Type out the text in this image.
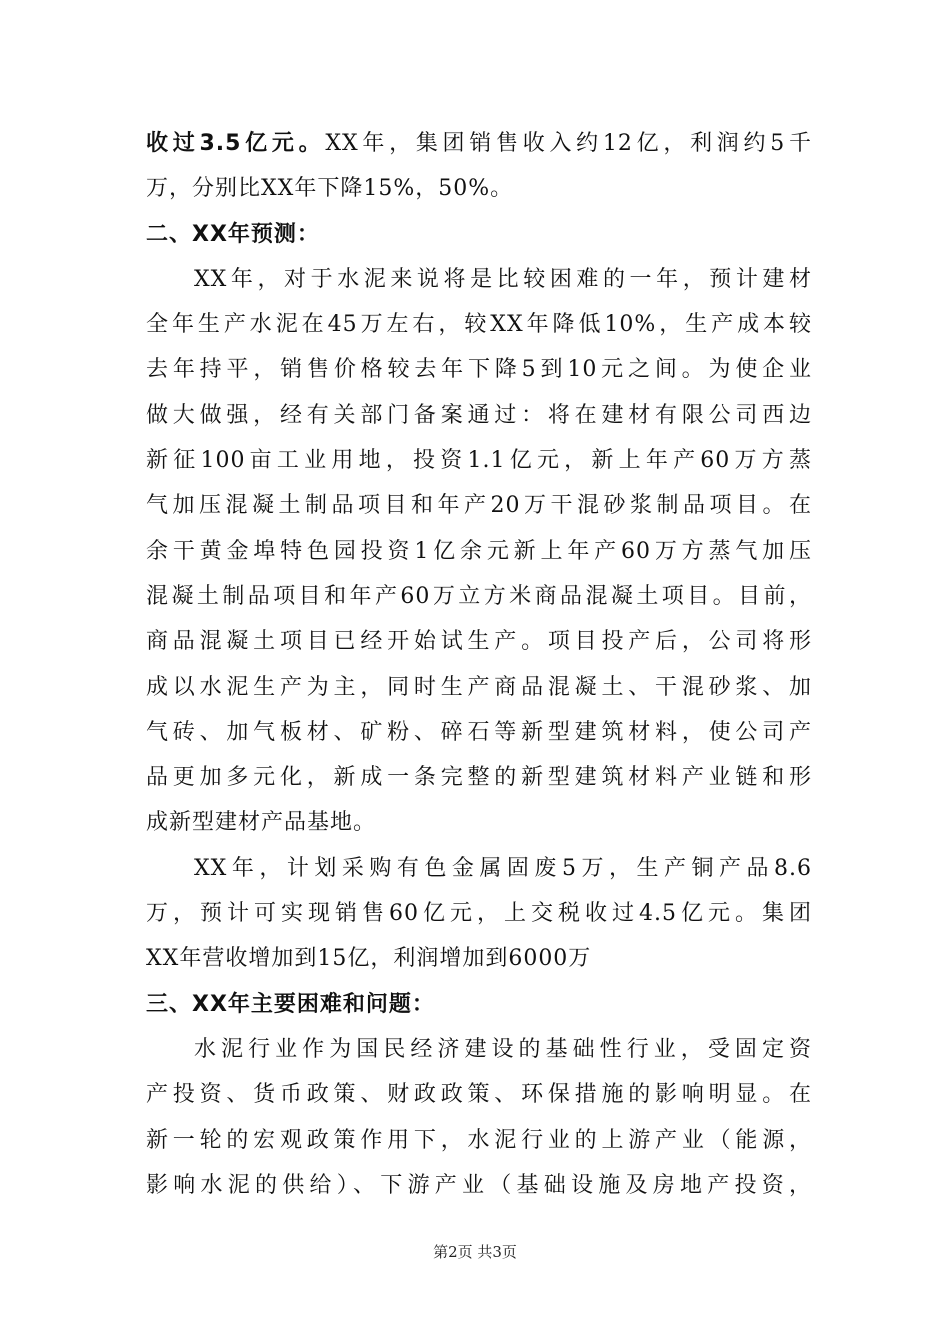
收过3.5亿元。XX年，集团销售收入约12亿，利润约5千
万，分别比XX年下降15%，50%。
二、XX年预测：
XX年，对于水泥来说将是比较困难的一年，预计建材
全年生产水泥在45万左右，较XX年降低10%，生产成本较
去年持平，销售价格较去年下降5到10元之间。为使企业
做大做强，经有关部门备案通过：将在建材有限公司西边
新征100亩工业用地，投资1.1亿元，新上年产60万方蒸
气加压混凝土制品项目和年产20万干混砂浆制品项目。在
余干黄金埠特色园投资1亿余元新上年产60万方蒸气加压
混凝土制品项目和年产60万立方米商品混凝土项目。目前，
商品混凝土项目已经开始试生产。项目投产后，公司将形
成以水泥生产为主，同时生产商品混凝土、干混砂浆、加
气砖、加气板材、矿粉、碎石等新型建筑材料，使公司产
品更加多元化，新成一条完整的新型建筑材料产业链和形
成新型建材产品基地。
XX年，计划采购有色金属固废5万，生产铜产品8.6
万，预计可实现销售60亿元，上交税收过4.5亿元。集团
XX年营收增加到15亿，利润增加到6000万
三、XX年主要困难和问题：
水泥行业作为国民经济建设的基础性行业，受固定资
产投资、货币政策、财政政策、环保措施的影响明显。在
新一轮的宏观政策作用下，水泥行业的上游产业（能源，
影响水泥的供给）、下游产业（基础设施及房地产投资，
第2页 共3页
